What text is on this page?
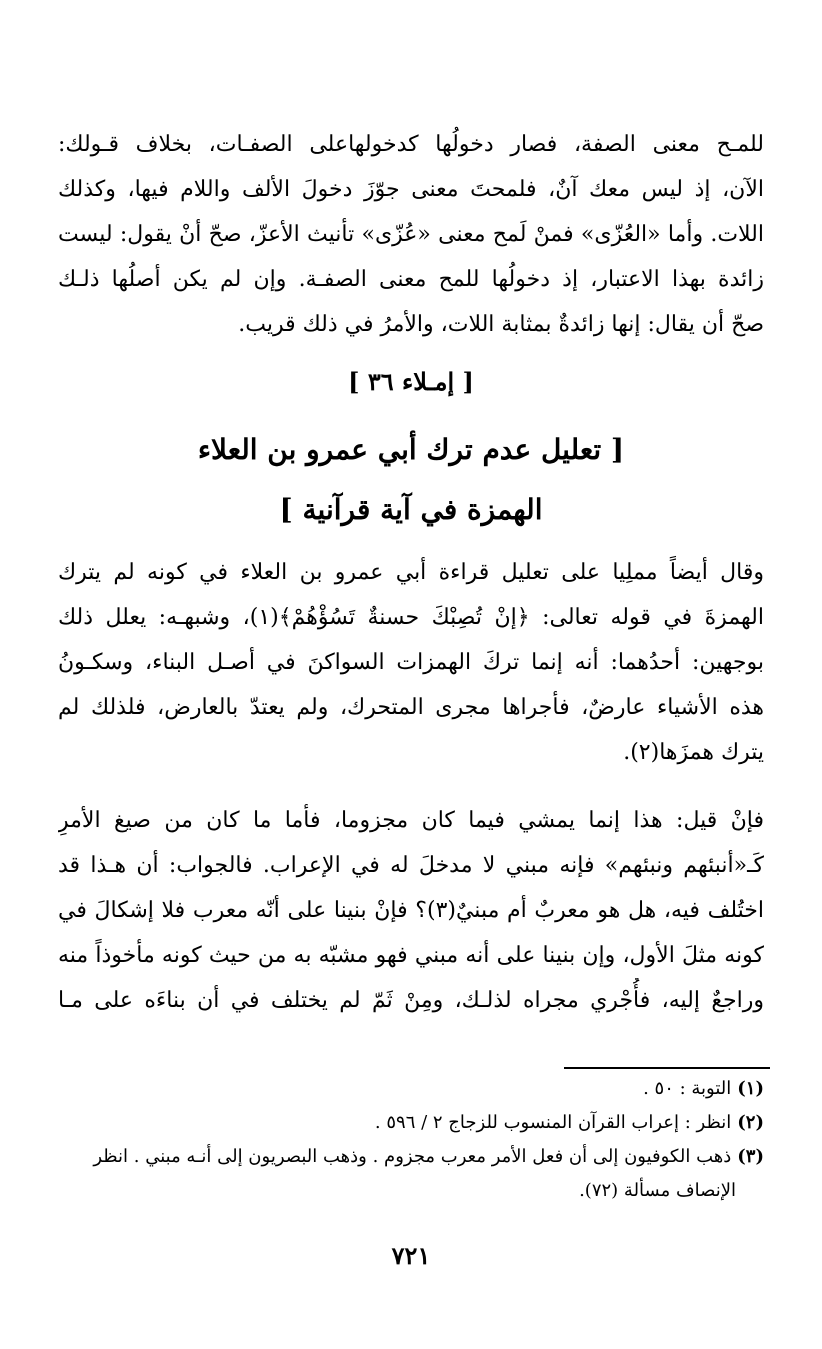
للمـح معنى الصفة، فصار دخولُها كدخولهاعلى الصفـات، بخلاف قـولك:
الآن، إذ ليس معك آنٌ، فلمحتَ معنى جوّزَ دخولَ الألف واللام فيها، وكذلك
اللات. وأما «العُزّى» فمنْ لَمح معنى «عُزّى» تأنيث الأعزّ، صحّ أنْ يقول: ليست
زائدة بهذا الاعتبار، إذ دخولُها للمح معنى الصفـة. وإن لم يكن أصلُها ذلـك
صحّ أن يقال: إنها زائدةٌ بمثابة اللات، والأمرُ في ذلك قريب.
[ إمـلاء ٣٦ ]
[ تعليل عدم ترك أبي عمرو بن العلاء
الهمزة في آية قرآنية ]
وقال أيضاً مملِيا على تعليل قراءة أبي عمرو بن العلاء في كونه لم يترك
الهمزةَ في قوله تعالى: ﴿إنْ تُصِبْكَ حسنةٌ تَسُؤْهُمْ﴾(١)، وشبهـه: يعلل ذلك
بوجهين: أحدُهما: أنه إنما تركَ الهمزات السواكنَ في أصـل البناء، وسكـونُ
هذه الأشياء عارضٌ، فأجراها مجرى المتحرك، ولم يعتدّ بالعارض، فلذلك لم
يترك همزَها(٢).
فإنْ قيل: هذا إنما يمشي فيما كان مجزوما، فأما ما كان من صيغ الأمرِ
كَـ«أنبئهم ونبئهم» فإنه مبني لا مدخلَ له في الإعراب. فالجواب: أن هـذا قد
اختُلف فيه، هل هو معربٌ أم مبنيٌ(٣)؟ فإنْ بنينا على أنّه معرب فلا إشكالَ في
كونه مثلَ الأول، وإن بنينا على أنه مبني فهو مشبّه به من حيث كونه مأخوذاً منه
وراجعٌ إليه، فأُجْري مجراه لذلـك، ومِنْ ثَمّ لم يختلف في أن بناءَه على مـا
(١)التوبة : ٥٠ .
(٢)انظر : إعراب القرآن المنسوب للزجاج ٢ / ٥٩٦ .
(٣)ذهب الكوفيون إلى أن فعل الأمر معرب مجزوم . وذهب البصريون إلى أنـه مبني . انظر
الإنصاف مسألة (٧٢).
٧٢١
